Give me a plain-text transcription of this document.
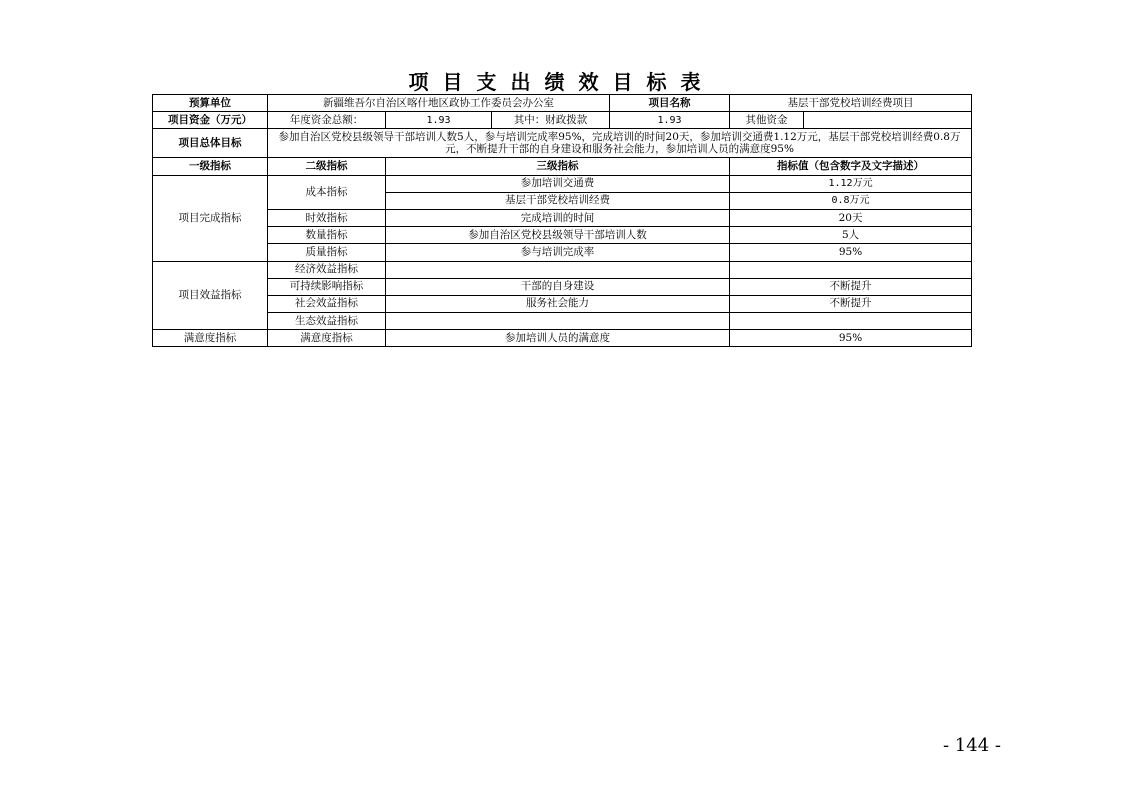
项目支出绩效目标表
预算单位	新疆维吾尔自治区喀什地区政协工作委员会办公室			项目名称	基层干部党校培训经费项目	
项目资金（万元）	年度资金总额：	1.93	其中：财政拨款	1.93	其他资金	
项目总体目标	参加自治区党校县级领导干部培训人数5人，参与培训完成率95%，完成培训的时间20天，参加培训交通费1.12万元，基层干部党校培训经费0.8万元，不断提升干部的自身建设和服务社会能力，参加培训人员的满意度95%					
一级指标	二级指标	三级指标			指标值（包含数字及文字描述）	
项目完成指标	成本指标	参加培训交通费			1.12万元	
		基层干部党校培训经费			0.8万元	
	时效指标	完成培训的时间			20天	
	数量指标	参加自治区党校县级领导干部培训人数			5人	
	质量指标	参与培训完成率			95%	
项目效益指标	经济效益指标					
	可持续影响指标	干部的自身建设			不断提升	
	社会效益指标	服务社会能力			不断提升	
	生态效益指标					
满意度指标	满意度指标	参加培训人员的满意度			95%	
- 144 -
